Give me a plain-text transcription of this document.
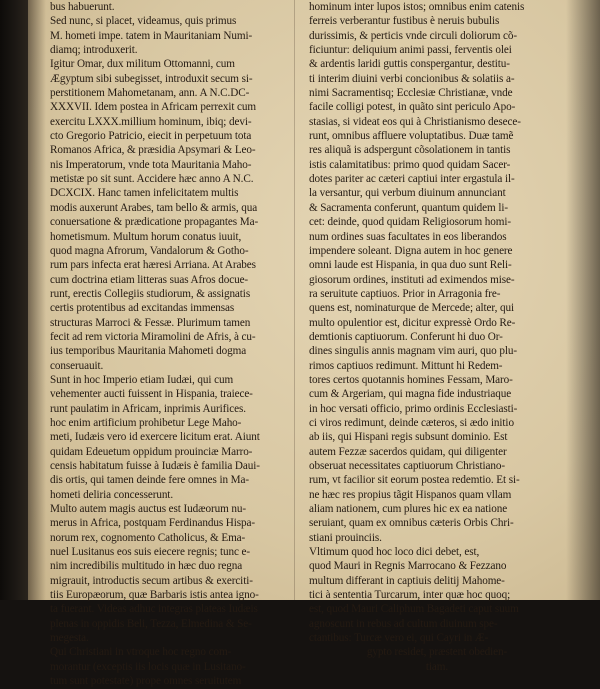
bus habuerunt.
Sed nunc, si placet, videamus, quis primus
M. hometi impe. tatem in Mauritaniam Numi-
diamq; introduxerit.
Igitur Omar, dux militum Ottomanni, cum
Ægyptum sibi subegisset, introduxit secum si-
perstitionem Mahometanam, ann. A N.C.DC-
XXXVII. Idem postea in Africam perrexit cum
exercitu LXXX.millium hominum, ibiq; devi-
cto Gregorio Patricio, eiecit in perpetuum tota
Romanos Africa, & præsidia Apsymari & Leo-
nis Imperatorum, vnde tota Mauritania Maho-
metistæ po sit sunt. Accidere hæc anno A N.C.
DCXCIX. Hanc tamen infelicitatem multis
modis auxerunt Arabes, tam bello & armis, qua
conuersatione & prædicatione propagantes Ma-
hometismum. Multum horum conatus iuuit,
quod magna Afrorum, Vandalorum & Gotho-
rum pars infecta erat hæresi Arriana. At Arabes
cum doctrina etiam litteras suas Afros docue-
runt, erectis Collegiis studiorum, & assignatis
certis protentibus ad excitandas immensas
structuras Marroci & Fessæ. Plurimum tamen
fecit ad rem victoria Miramolini de Afris, à cu-
ius temporibus Mauritania Mahometi dogma
conseruauit.
Sunt in hoc Imperio etiam Iudæi, qui cum
vehementer aucti fuissent in Hispania, traiece-
runt paulatim in Africam, inprimis Aurifices.
hoc enim artificium prohibetur Lege Maho-
meti, Iudæis vero id exercere licitum erat. Aiunt
quidam Edeuetum oppidum prouinciæ Marro-
censis habitatum fuisse à Iudæis è familia Daui-
dis ortis, qui tamen deinde fere omnes in Ma-
hometi deliria concesserunt.
Multo autem magis auctus est Iudæorum nu-
merus in Africa, postquam Ferdinandus Hispa-
norum rex, cognomento Catholicus, & Ema-
nuel Lusitanus eos suis eiecere regnis; tunc e-
nim incredibilis multitudo in hæc duo regna
migrauit, introductis secum artibus & exerciti-
tiis Europæorum, quæ Barbaris istis antea igno-
ta fuerant. Videas adhuc integras plateas Iudæis
plenas in oppidis Beli, Tezza, Elmedina & Se-
megesta.
Qui Christiani in vtroque hoc regno com-
morantur (exceptis iis locis quæ in Lusitano-
tum sunt potestate) prope omnes seruitutem
hominum inter lupos istos; omnibus enim catenis
ferreis verberantur fustibus è neruis bubulis
durissimis, & perticis vnde circuli doliorum cõ-
ficiuntur: deliquium animi passi, ferventis olei
& ardentis laridi guttis conspergantur, destitu-
ti interim diuini verbi concionibus & solatiis a-
nimi Sacramentisq; Ecclesiæ Christianæ, vnde
facile colligi potest, in quãto sint periculo Apo-
stasias, si videat eos qui à Christianismo desece-
runt, omnibus affluere voluptatibus. Duæ tamẽ
res aliquã is adspergunt cõsolationem in tantis
istis calamitatibus: primo quod quidam Sacer-
dotes pariter ac cæteri captiui inter ergastula il-
la versantur, qui verbum diuinum annunciant
& Sacramenta conferunt, quantum quidem li-
cet: deinde, quod quidam Religiosorum homi-
num ordines suas facultates in eos liberandos
impendere soleant. Digna autem in hoc genere
omni laude est Hispania, in qua duo sunt Reli-
giosorum ordines, instituti ad eximendos mise-
ra seruitute captiuos. Prior in Arragonia fre-
quens est, nominaturque de Mercede; alter, qui
multo opulentior est, dicitur expressè Ordo Re-
demtionis captiuorum. Conferunt hi duo Or-
dines singulis annis magnam vim auri, quo plu-
rimos captiuos redimunt. Mittunt hi Redem-
tores certos quotannis homines Fessam, Maro-
cum & Argeriam, qui magna fide industriaque
in hoc versati officio, primo ordinis Ecclesiasti-
ci viros redimunt, deinde cæteros, si ædo initio
ab iis, qui Hispani regis subsunt dominio. Est
autem Fezzæ sacerdos quidam, qui diligenter
obseruat necessitates captiuorum Christiano-
rum, vt facilior sit eorum postea redemtio. Et si-
ne hæc res propius tãgit Hispanos quam vllam
aliam nationem, cum plures hic ex ea natione
seruiant, quam ex omnibus cæteris Orbis Chri-
stiani prouinciis.
Vltimum quod hoc loco dici debet, est,
quod Mauri in Regnis Marrocano & Fezzano
multum differant in captiuis delitij Mahome-
tici à sententia Turcarum, inter quæ hoc quoq;
est, quod Mauri Caliphum Bagadeti caput suum
agnoscunt in rebus ad cultum diuinum spe-
ctantibus: Turcæ vero ei, qui Cayri in Æ-
gypto residet, præstent obedien-
tiam.
